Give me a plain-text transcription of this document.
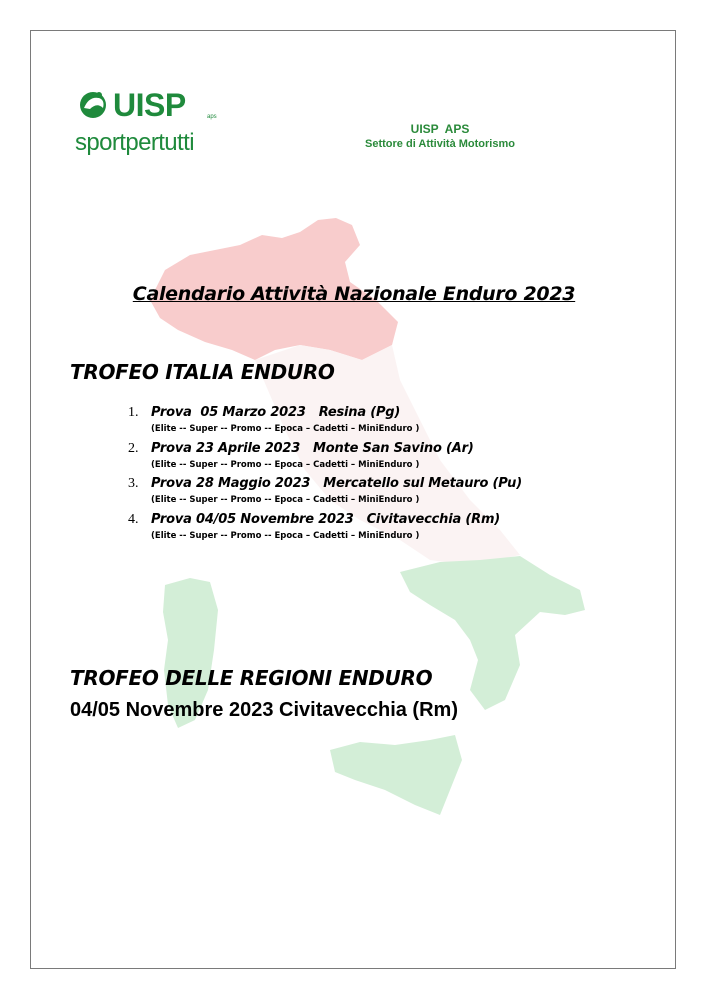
UISP	aps
sportpertutti	UISP  APS
Settore di Attività Motorismo
Calendario Attività Nazionale Enduro 2023
TROFEO ITALIA ENDURO
1. Prova  05 Marzo 2023   Resina (Pg)
(Elite -- Super -- Promo -- Epoca – Cadetti – MiniEnduro )
2. Prova 23 Aprile 2023   Monte San Savino (Ar)
(Elite -- Super -- Promo -- Epoca – Cadetti – MiniEnduro )
3. Prova 28 Maggio 2023   Mercatello sul Metauro (Pu)
(Elite -- Super -- Promo -- Epoca – Cadetti – MiniEnduro )
4. Prova 04/05 Novembre 2023   Civitavecchia (Rm)
(Elite -- Super -- Promo -- Epoca – Cadetti – MiniEnduro )
TROFEO DELLE REGIONI ENDURO
04/05 Novembre 2023 Civitavecchia (Rm)
